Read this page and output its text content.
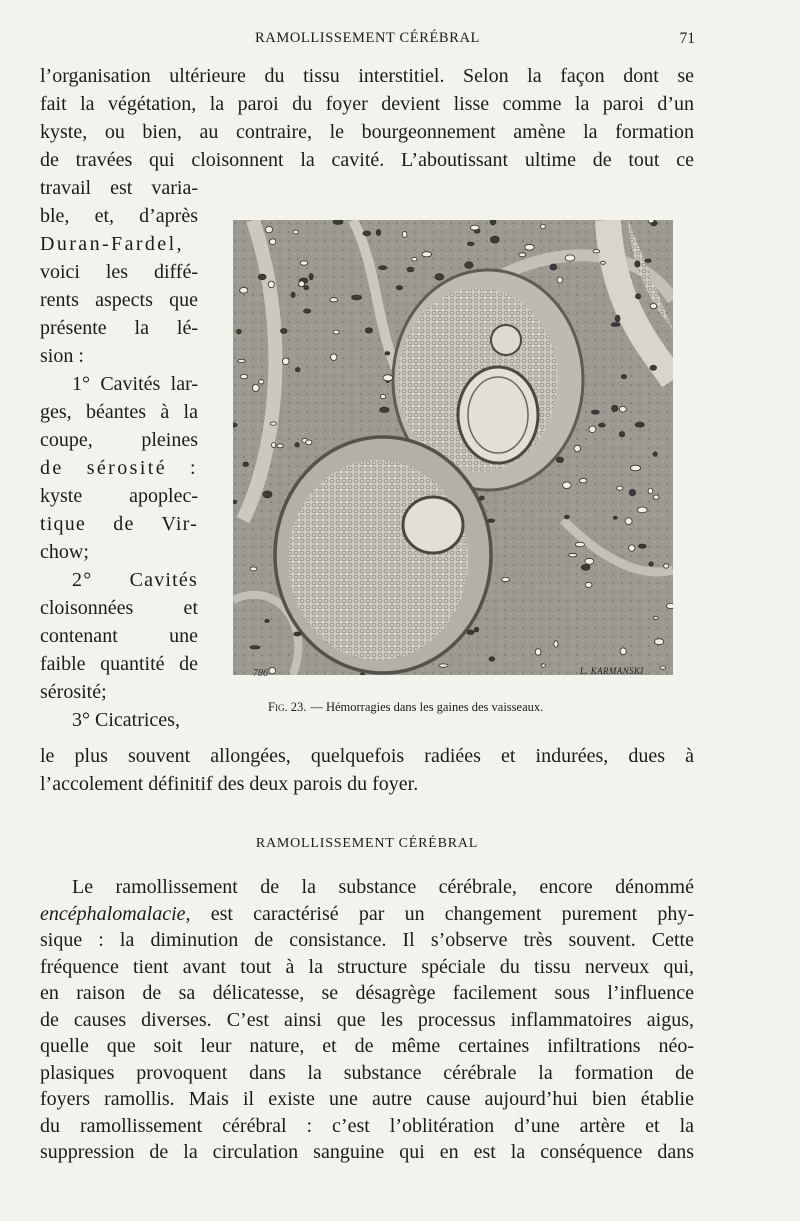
RAMOLLISSEMENT CÉRÉBRAL	71
l’organisation ultérieure du tissu interstitiel. Selon la façon dont se
fait la végétation, la paroi du foyer devient lisse comme la paroi d’un
kyste, ou bien, au contraire, le bourgeonnement amène la formation
de travées qui cloisonnent la cavité. L’aboutissant ultime de tout ce
travail est varia-
ble, et, d’après
Duran-Fardel,
voici les diffé-
rents aspects que
présente la lé-
sion :
1° Cavités lar-
ges, béantes à la
coupe, pleines
de sérosité :
kyste apoplec-
tique de Vir-
chow;
2° Cavités
cloisonnées et
contenant une
faible quantité de
sérosité;
3° Cicatrices,
786	L. KARMANSKI
Fig. 23. — Hémorragies dans les gaines des vaisseaux.
le plus souvent allongées, quelquefois radiées et indurées, dues à
l’accolement définitif des deux parois du foyer.
RAMOLLISSEMENT CÉRÉBRAL
Le ramollissement de la substance cérébrale, encore dénommé
encéphalomalacie, est caractérisé par un changement purement phy-
sique : la diminution de consistance. Il s’observe très souvent. Cette
fréquence tient avant tout à la structure spéciale du tissu nerveux qui,
en raison de sa délicatesse, se désagrège facilement sous l’influence
de causes diverses. C’est ainsi que les processus inflammatoires aigus,
quelle que soit leur nature, et de même certaines infiltrations néo-
plasiques provoquent dans la substance cérébrale la formation de
foyers ramollis. Mais il existe une autre cause aujourd’hui bien établie
du ramollissement cérébral : c’est l’oblitération d’une artère et la
suppression de la circulation sanguine qui en est la conséquence dans
